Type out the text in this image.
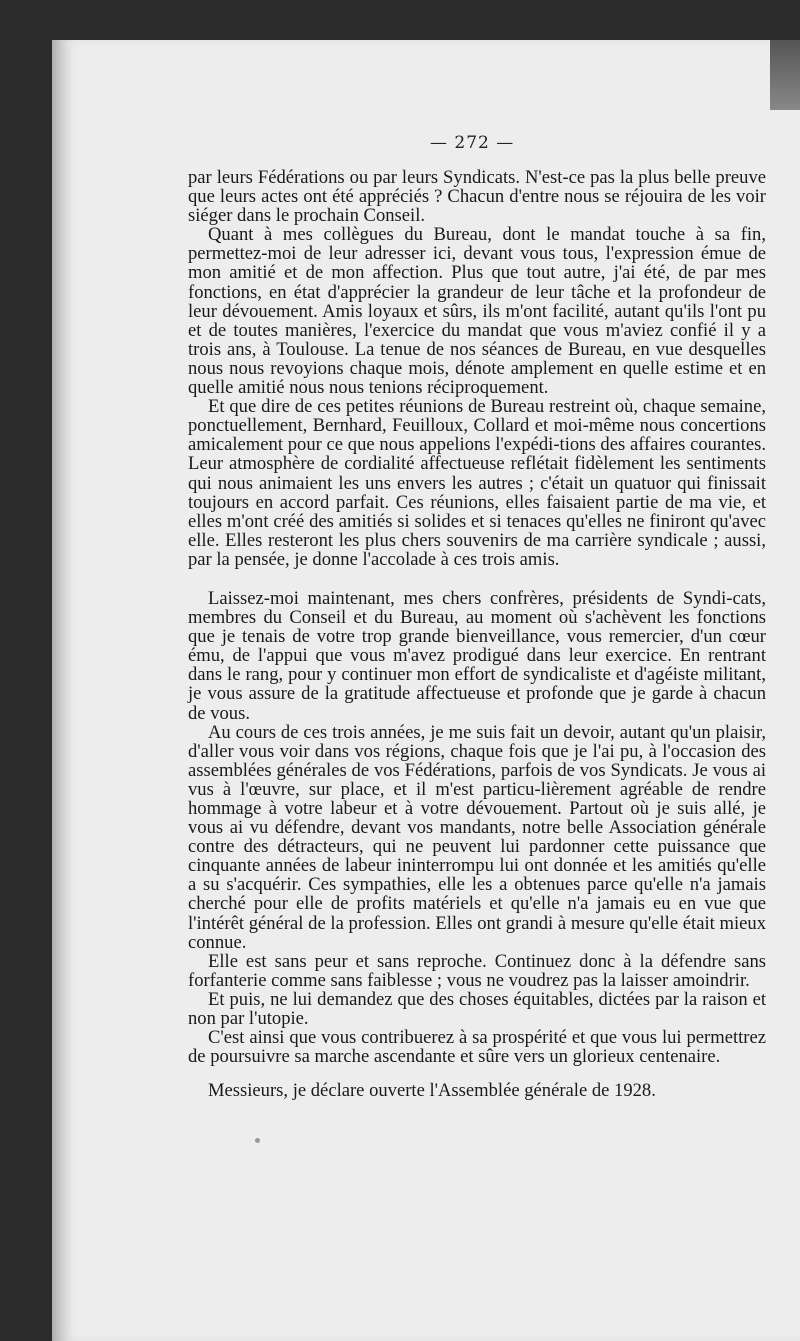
— 272 —

par leurs Fédérations ou par leurs Syndicats. N'est-ce pas la plus belle preuve que leurs actes ont été appréciés ? Chacun d'entre nous se réjouira de les voir siéger dans le prochain Conseil.

Quant à mes collègues du Bureau, dont le mandat touche à sa fin, permettez-moi de leur adresser ici, devant vous tous, l'expression émue de mon amitié et de mon affection. Plus que tout autre, j'ai été, de par mes fonctions, en état d'apprécier la grandeur de leur tâche et la profondeur de leur dévouement. Amis loyaux et sûrs, ils m'ont facilité, autant qu'ils l'ont pu et de toutes manières, l'exercice du mandat que vous m'aviez confié il y a trois ans, à Toulouse. La tenue de nos séances de Bureau, en vue desquelles nous nous revoyions chaque mois, dénote amplement en quelle estime et en quelle amitié nous nous tenions réciproquement.

Et que dire de ces petites réunions de Bureau restreint où, chaque semaine, ponctuellement, Bernhard, Feuilloux, Collard et moi-même nous concertions amicalement pour ce que nous appelions l'expédi-tions des affaires courantes. Leur atmosphère de cordialité affectueuse reflétait fidèlement les sentiments qui nous animaient les uns envers les autres ; c'était un quatuor qui finissait toujours en accord parfait. Ces réunions, elles faisaient partie de ma vie, et elles m'ont créé des amitiés si solides et si tenaces qu'elles ne finiront qu'avec elle. Elles resteront les plus chers souvenirs de ma carrière syndicale ; aussi, par la pensée, je donne l'accolade à ces trois amis.

Laissez-moi maintenant, mes chers confrères, présidents de Syndi-cats, membres du Conseil et du Bureau, au moment où s'achèvent les fonctions que je tenais de votre trop grande bienveillance, vous remercier, d'un cœur ému, de l'appui que vous m'avez prodigué dans leur exercice. En rentrant dans le rang, pour y continuer mon effort de syndicaliste et d'agéiste militant, je vous assure de la gratitude affectueuse et profonde que je garde à chacun de vous.

Au cours de ces trois années, je me suis fait un devoir, autant qu'un plaisir, d'aller vous voir dans vos régions, chaque fois que je l'ai pu, à l'occasion des assemblées générales de vos Fédérations, parfois de vos Syndicats. Je vous ai vus à l'œuvre, sur place, et il m'est particu-lièrement agréable de rendre hommage à votre labeur et à votre dévouement. Partout où je suis allé, je vous ai vu défendre, devant vos mandants, notre belle Association générale contre des détracteurs, qui ne peuvent lui pardonner cette puissance que cinquante années de labeur ininterrompu lui ont donnée et les amitiés qu'elle a su s'acquérir. Ces sympathies, elle les a obtenues parce qu'elle n'a jamais cherché pour elle de profits matériels et qu'elle n'a jamais eu en vue que l'intérêt général de la profession. Elles ont grandi à mesure qu'elle était mieux connue.

Elle est sans peur et sans reproche. Continuez donc à la défendre sans forfanterie comme sans faiblesse ; vous ne voudrez pas la laisser amoindrir.

Et puis, ne lui demandez que des choses équitables, dictées par la raison et non par l'utopie.

C'est ainsi que vous contribuerez à sa prospérité et que vous lui permettrez de poursuivre sa marche ascendante et sûre vers un glorieux centenaire.

Messieurs, je déclare ouverte l'Assemblée générale de 1928.
